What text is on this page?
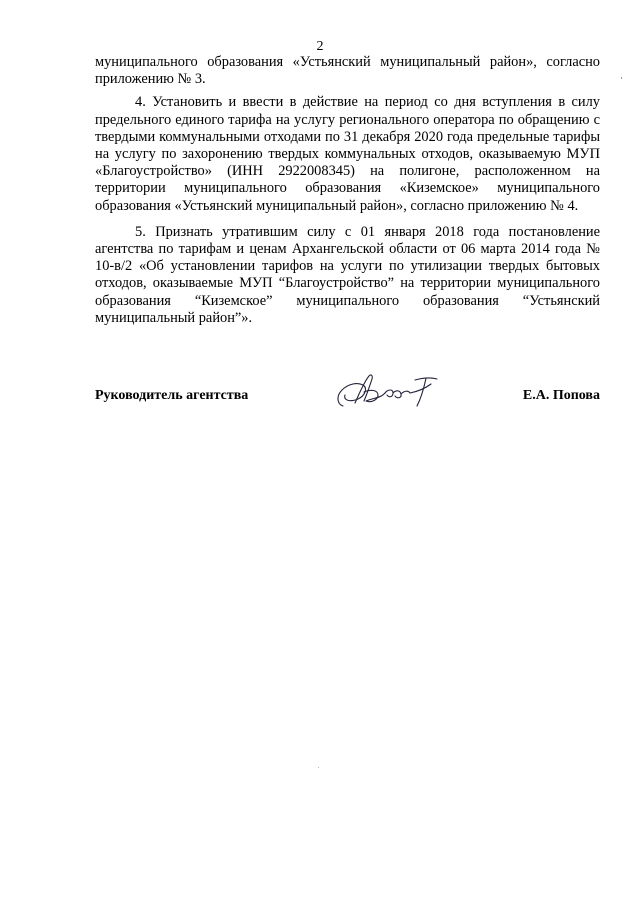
2

муниципального образования «Устьянский муниципальный район», согласно приложению № 3.

4. Установить и ввести в действие на период со дня вступления в силу предельного единого тарифа на услугу регионального оператора по обращению с твердыми коммунальными отходами по 31 декабря 2020 года предельные тарифы на услугу по захоронению твердых коммунальных отходов, оказываемую МУП «Благоустройство» (ИНН 2922008345) на полигоне, расположенном на территории муниципального образования «Киземское» муниципального образования «Устьянский муниципальный район», согласно приложению № 4.

5. Признать утратившим силу с 01 января 2018 года постановление агентства по тарифам и ценам Архангельской области от 06 марта 2014 года № 10-в/2 «Об установлении тарифов на услуги по утилизации твердых бытовых отходов, оказываемые МУП “Благоустройство” на территории муниципального образования “Киземское” муниципального образования “Устьянский муниципальный район”».

Руководитель агентства	Е.А. Попова
